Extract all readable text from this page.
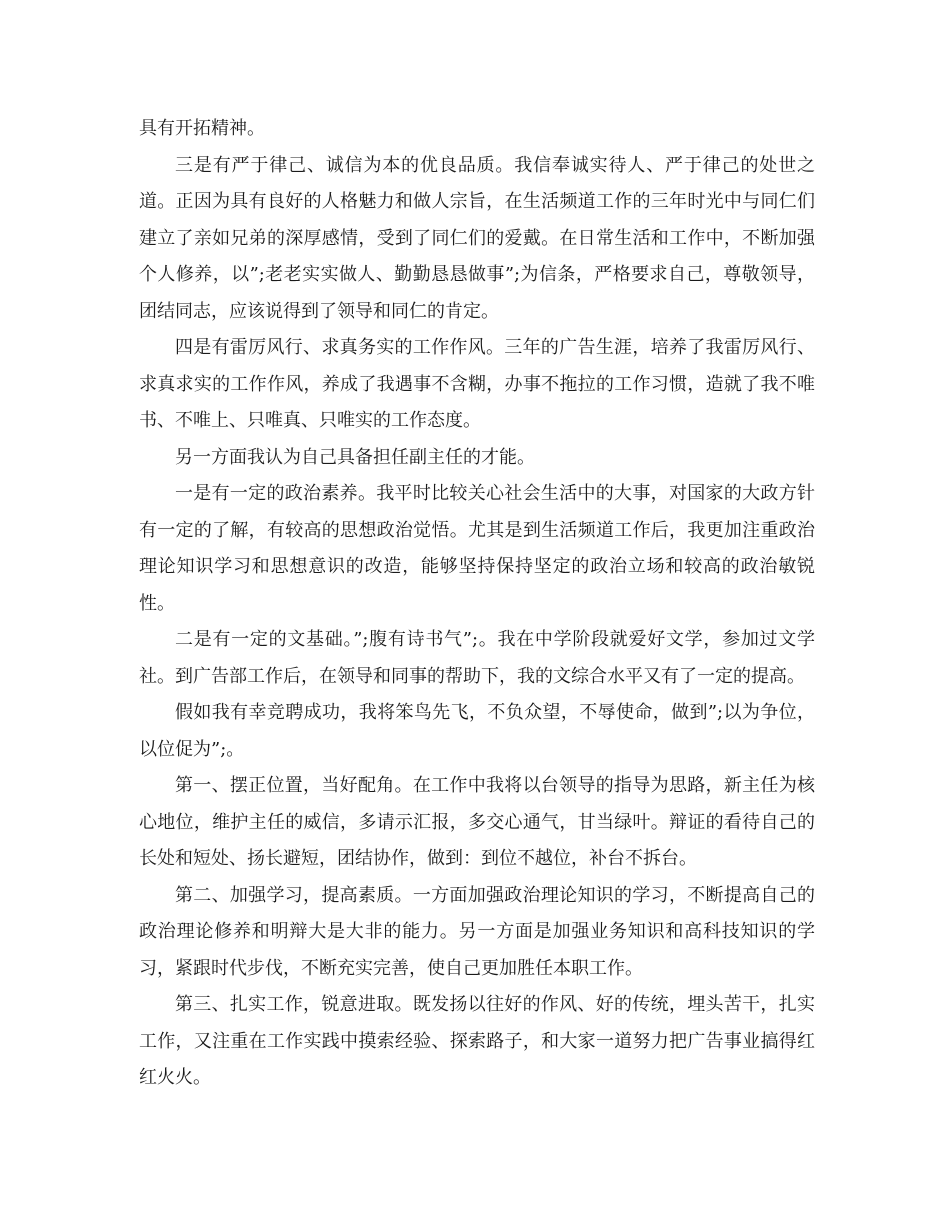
具有开拓精神。

三是有严于律己、诚信为本的优良品质。我信奉诚实待人、严于律己的处世之道。正因为具有良好的人格魅力和做人宗旨，在生活频道工作的三年时光中与同仁们建立了亲如兄弟的深厚感情，受到了同仁们的爱戴。在日常生活和工作中，不断加强个人修养，以”;老老实实做人、勤勤恳恳做事”;为信条，严格要求自己，尊敬领导，团结同志，应该说得到了领导和同仁的肯定。

四是有雷厉风行、求真务实的工作作风。三年的广告生涯，培养了我雷厉风行、求真求实的工作作风，养成了我遇事不含糊，办事不拖拉的工作习惯，造就了我不唯书、不唯上、只唯真、只唯实的工作态度。

另一方面我认为自己具备担任副主任的才能。

一是有一定的政治素养。我平时比较关心社会生活中的大事，对国家的大政方针有一定的了解，有较高的思想政治觉悟。尤其是到生活频道工作后，我更加注重政治理论知识学习和思想意识的改造，能够坚持保持坚定的政治立场和较高的政治敏锐性。

二是有一定的文基础。”;腹有诗书气”;。我在中学阶段就爱好文学，参加过文学社。到广告部工作后，在领导和同事的帮助下，我的文综合水平又有了一定的提高。

假如我有幸竞聘成功，我将笨鸟先飞，不负众望，不辱使命，做到”;以为争位，以位促为”;。

第一、摆正位置，当好配角。在工作中我将以台领导的指导为思路，新主任为核心地位，维护主任的威信，多请示汇报，多交心通气，甘当绿叶。辩证的看待自己的长处和短处、扬长避短，团结协作，做到：到位不越位，补台不拆台。

第二、加强学习，提高素质。一方面加强政治理论知识的学习，不断提高自己的政治理论修养和明辩大是大非的能力。另一方面是加强业务知识和高科技知识的学习，紧跟时代步伐，不断充实完善，使自己更加胜任本职工作。

第三、扎实工作，锐意进取。既发扬以往好的作风、好的传统，埋头苦干，扎实工作，又注重在工作实践中摸索经验、探索路子，和大家一道努力把广告事业搞得红红火火。
